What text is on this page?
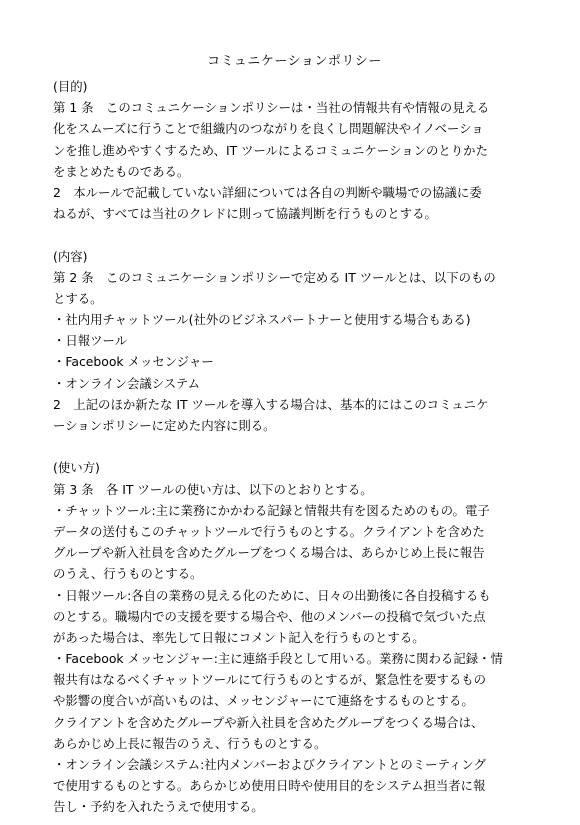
コミュニケーションポリシー
(目的)
第 1 条　このコミュニケーションポリシーは・当社の情報共有や情報の見える
化をスムーズに行うことで組織内のつながりを良くし問題解決やイノベーショ
ンを推し進めやすくするため、IT ツールによるコミュニケーションのとりかた
をまとめたものである。
2　本ルールで記載していない詳細については各自の判断や職場での協議に委
ねるが、すべては当社のクレドに則って協議判断を行うものとする。
(内容)
第 2 条　このコミュニケーションポリシーで定める IT ツールとは、以下のもの
とする。
・社内用チャットツール(社外のビジネスパートナーと使用する場合もある)
・日報ツール
・Facebook メッセンジャー
・オンライン会議システム
2　上記のほか新たな IT ツールを導入する場合は、基本的にはこのコミュニケ
ーションポリシーに定めた内容に則る。
(使い方)
第 3 条　各 IT ツールの使い方は、以下のとおりとする。
・チャットツール:主に業務にかかわる記録と情報共有を図るためのもの。電子
データの送付もこのチャットツールで行うものとする。クライアントを含めた
グループや新入社員を含めたグループをつくる場合は、あらかじめ上長に報告
のうえ、行うものとする。
・日報ツール:各自の業務の見える化のために、日々の出勤後に各自投稿するも
のとする。職場内での支援を要する場合や、他のメンバーの投稿で気づいた点
があった場合は、率先して日報にコメント記入を行うものとする。
・Facebook メッセンジャー:主に連絡手段として用いる。業務に関わる記録・情
報共有はなるべくチャットツールにて行うものとするが、緊急性を要するもの
や影響の度合いが高いものは、メッセンジャーにて連絡をするものとする。
クライアントを含めたグループや新入社員を含めたグループをつくる場合は、
あらかじめ上長に報告のうえ、行うものとする。
・オンライン会議システム:社内メンバーおよびクライアントとのミーティング
で使用するものとする。あらかじめ使用日時や使用目的をシステム担当者に報
告し・予約を入れたうえで使用する。
